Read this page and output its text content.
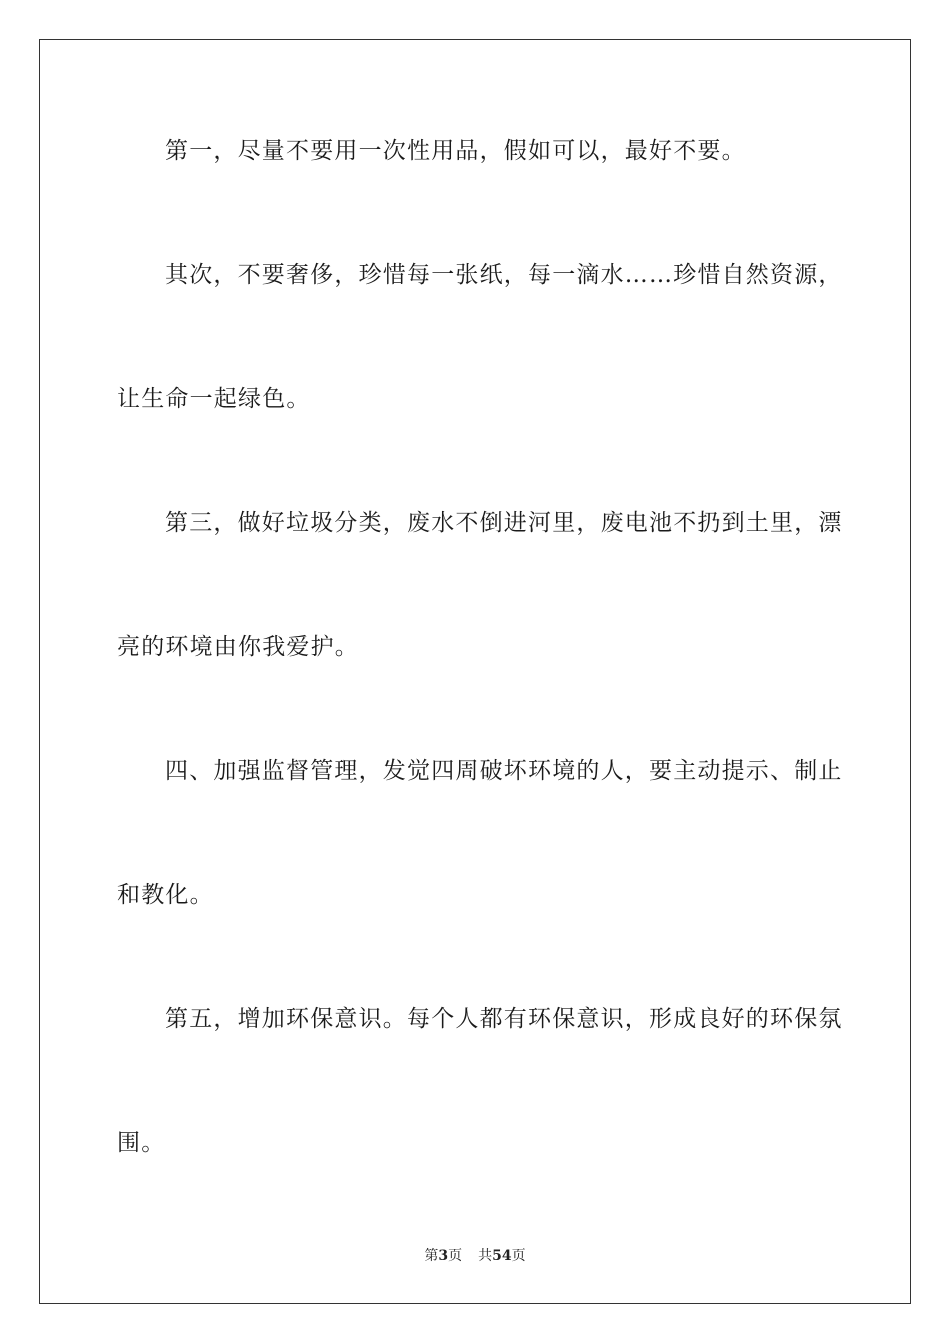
第一，尽量不要用一次性用品，假如可以，最好不要。
其次，不要奢侈，珍惜每一张纸，每一滴水……珍惜自然资源，
让生命一起绿色。
第三，做好垃圾分类，废水不倒进河里，废电池不扔到土里，漂
亮的环境由你我爱护。
四、加强监督管理，发觉四周破坏环境的人，要主动提示、制止
和教化。
第五，增加环保意识。每个人都有环保意识，形成良好的环保氛
围。
第3页 共54页
